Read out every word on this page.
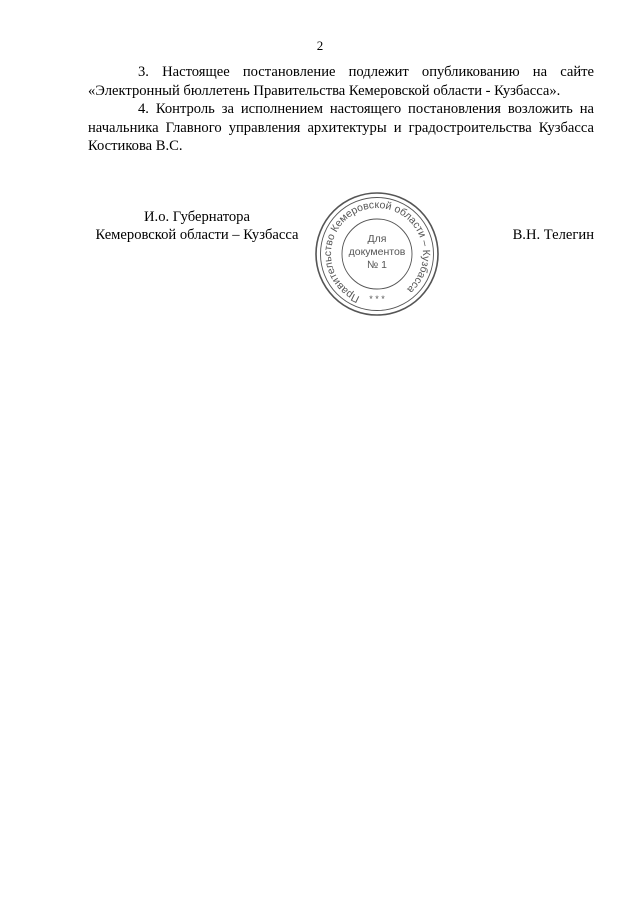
2

3. Настоящее постановление подлежит опубликованию на сайте «Электронный бюллетень Правительства Кемеровской области - Кузбасса».

4. Контроль за исполнением настоящего постановления возложить на начальника Главного управления архитектуры и градостроительства Кузбасса Костикова В.С.

И.о. Губернатора
Кемеровской области – Кузбасса
Правительство Кемеровской области – Кузбасса
* * *
Для
документов
№ 1
В.Н. Телегин
